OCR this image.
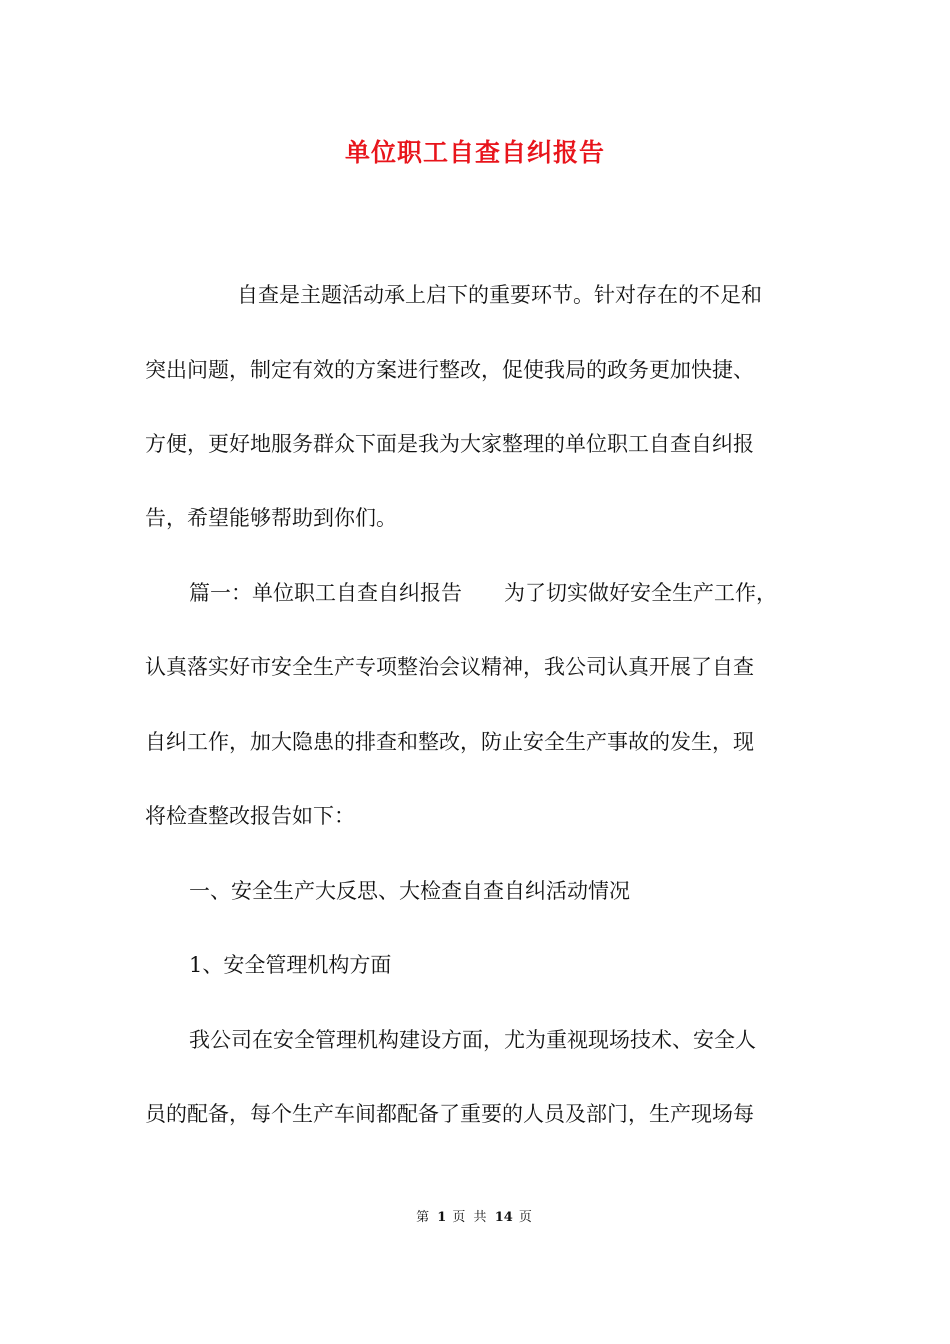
单位职工自查自纠报告

自查是主题活动承上启下的重要环节。针对存在的不足和

突出问题，制定有效的方案进行整改，促使我局的政务更加快捷、

方便，更好地服务群众下面是我为大家整理的单位职工自查自纠报

告，希望能够帮助到你们。

篇一：单位职工自查自纠报告　　为了切实做好安全生产工作，

认真落实好市安全生产专项整治会议精神，我公司认真开展了自查

自纠工作，加大隐患的排查和整改，防止安全生产事故的发生，现

将检查整改报告如下：

一、安全生产大反思、大检查自查自纠活动情况

1、安全管理机构方面

我公司在安全管理机构建设方面，尤为重视现场技术、安全人

员的配备，每个生产车间都配备了重要的人员及部门，生产现场每

第 1 页 共 14 页
